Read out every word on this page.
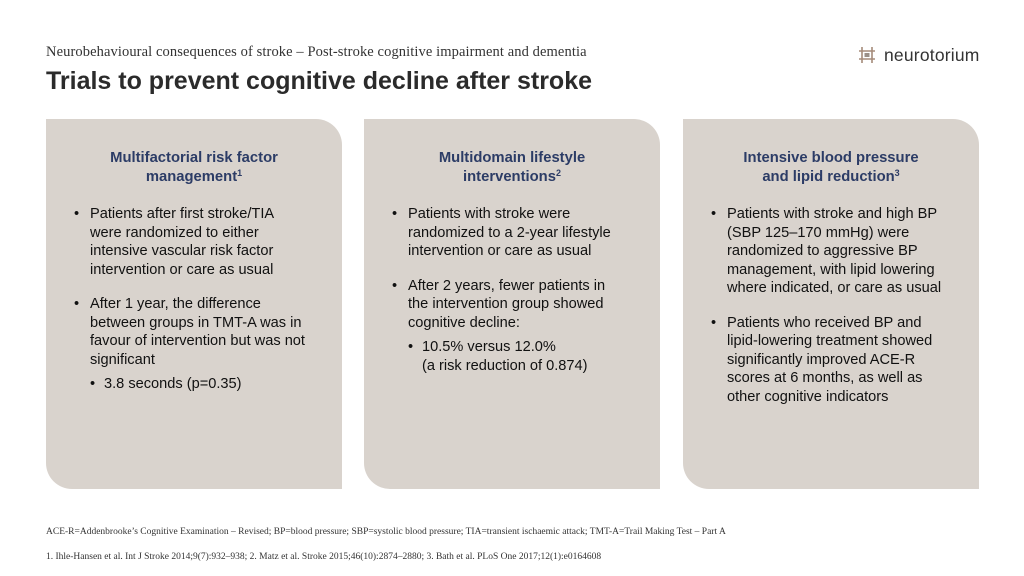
Neurobehavioural consequences of stroke – Post-stroke cognitive impairment and dementia
Trials to prevent cognitive decline after stroke
neurotorium
Multifactorial risk factor
management$^1$
• Patients after first stroke/TIA
were randomized to either
intensive vascular risk factor
intervention or care as usual
• After 1 year, the difference
between groups in TMT-A was in
favour of intervention but was not
significant
• 3.8 seconds (p=0.35)
Multidomain lifestyle
interventions$^2$
• Patients with stroke were
randomized to a 2-year lifestyle
intervention or care as usual
• After 2 years, fewer patients in
the intervention group showed
cognitive decline:
• 10.5% versus 12.0%
(a risk reduction of 0.874)
Intensive blood pressure
and lipid reduction$^3$
• Patients with stroke and high BP
(SBP 125–170 mmHg) were
randomized to aggressive BP
management, with lipid lowering
where indicated, or care as usual
• Patients who received BP and
lipid-lowering treatment showed
significantly improved ACE-R
scores at 6 months, as well as
other cognitive indicators
ACE-R=Addenbrooke’s Cognitive Examination – Revised; BP=blood pressure; SBP=systolic blood pressure; TIA=transient ischaemic attack; TMT-A=Trail Making Test – Part A
1. Ihle-Hansen et al. Int J Stroke 2014;9(7):932–938; 2. Matz et al. Stroke 2015;46(10):2874–2880; 3. Bath et al. PLoS One 2017;12(1):e0164608
